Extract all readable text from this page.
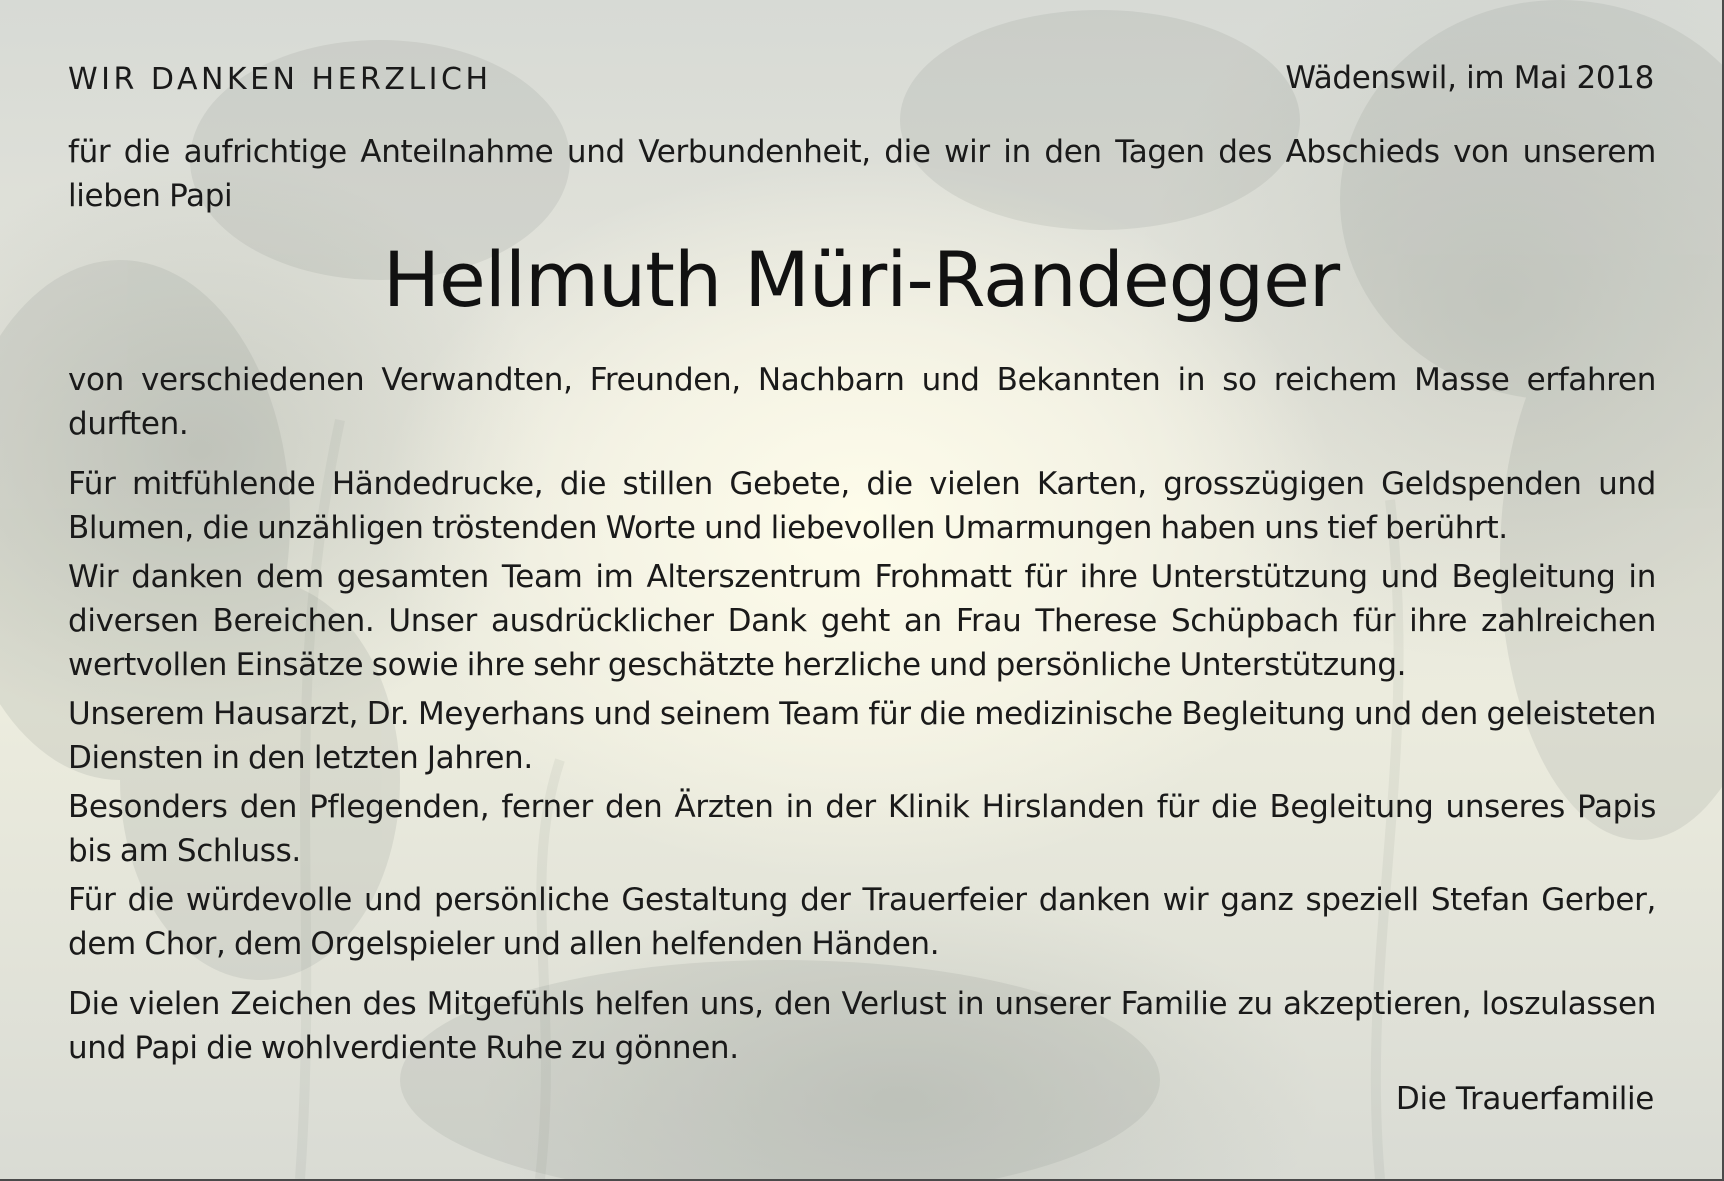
WIR DANKEN HERZLICH	Wädenswil, im Mai 2018
für die aufrichtige Anteilnahme und Verbundenheit, die wir in den Tagen des Abschieds von unserem lieben Papi
Hellmuth Müri-Randegger
von verschiedenen Verwandten, Freunden, Nachbarn und Bekannten in so reichem Masse erfahren durften.
Für mitfühlende Händedrucke, die stillen Gebete, die vielen Karten, grosszügigen Geldspenden und Blumen, die unzähligen tröstenden Worte und liebevollen Umarmungen haben uns tief berührt.
Wir danken dem gesamten Team im Alterszentrum Frohmatt für ihre Unterstützung und Begleitung in diversen Bereichen. Unser ausdrücklicher Dank geht an Frau Therese Schüpbach für ihre zahlreichen wertvollen Einsätze sowie ihre sehr geschätzte herzliche und persönliche Unterstützung.
Unserem Hausarzt, Dr. Meyerhans und seinem Team für die medizinische Begleitung und den geleisteten Diensten in den letzten Jahren.
Besonders den Pflegenden, ferner den Ärzten in der Klinik Hirslanden für die Begleitung unseres Papis bis am Schluss.
Für die würdevolle und persönliche Gestaltung der Trauerfeier danken wir ganz speziell Stefan Gerber, dem Chor, dem Orgelspieler und allen helfenden Händen.
Die vielen Zeichen des Mitgefühls helfen uns, den Verlust in unserer Familie zu akzeptieren, loszulassen und Papi die wohlverdiente Ruhe zu gönnen.
Die Trauerfamilie
